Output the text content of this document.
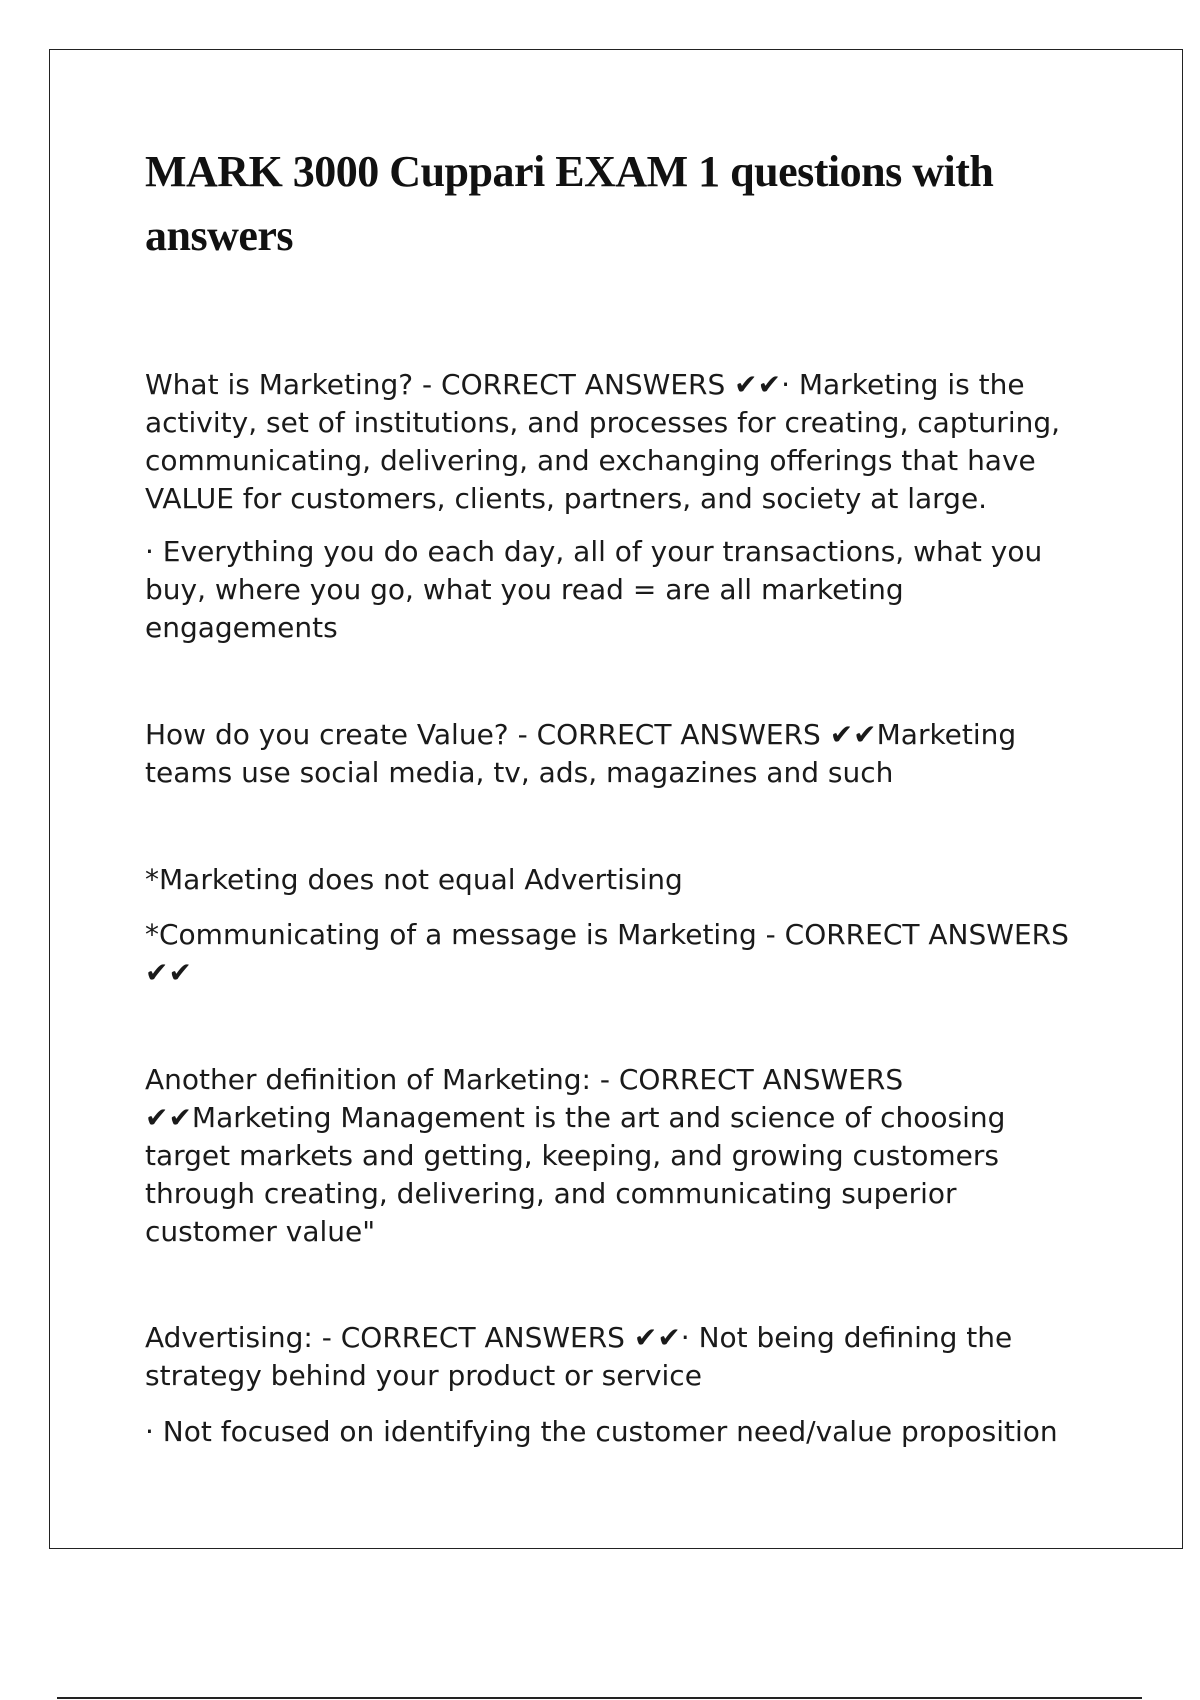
MARK 3000 Cuppari EXAM 1 questions with answers

What is Marketing? - CORRECT ANSWERS ✔✔· Marketing is the activity, set of institutions, and processes for creating, capturing, communicating, delivering, and exchanging offerings that have VALUE for customers, clients, partners, and society at large.

· Everything you do each day, all of your transactions, what you buy, where you go, what you read = are all marketing engagements

How do you create Value? - CORRECT ANSWERS ✔✔Marketing teams use social media, tv, ads, magazines and such

*Marketing does not equal Advertising

*Communicating of a message is Marketing - CORRECT ANSWERS ✔✔

Another definition of Marketing: - CORRECT ANSWERS ✔✔Marketing Management is the art and science of choosing target markets and getting, keeping, and growing customers through creating, delivering, and communicating superior customer value"

Advertising: - CORRECT ANSWERS ✔✔· Not being defining the strategy behind your product or service

· Not focused on identifying the customer need/value proposition
